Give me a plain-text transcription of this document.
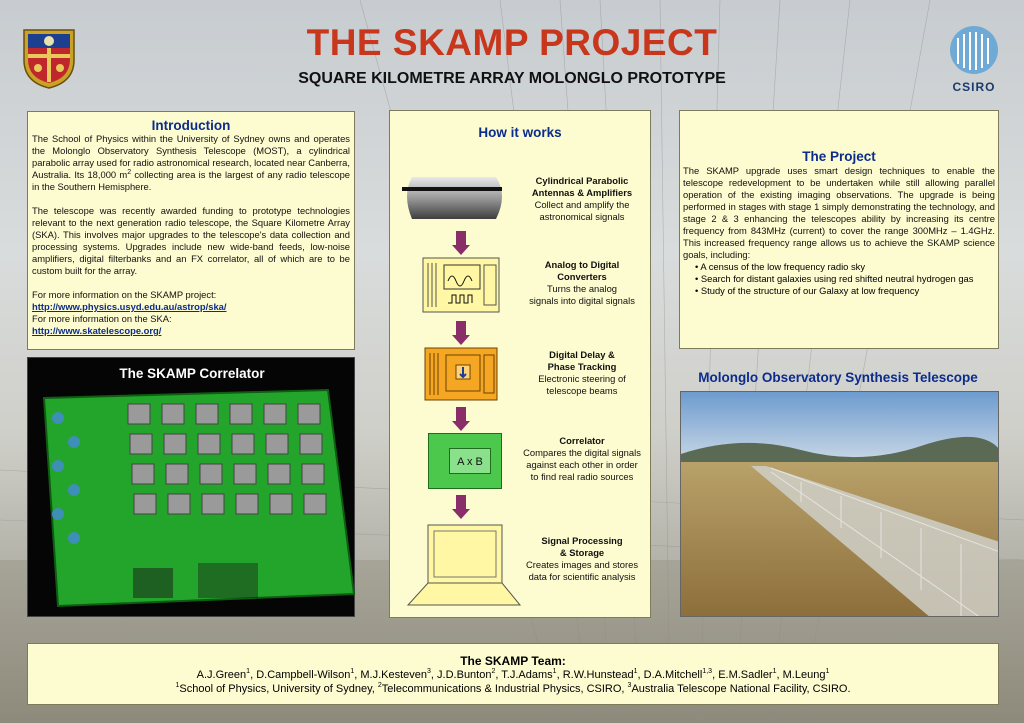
THE SKAMP PROJECT
SQUARE KILOMETRE ARRAY MOLONGLO PROTOTYPE	CSIRO
Introduction

The School of Physics within the University of Sydney owns and operates the Molonglo Observatory Synthesis Telescope (MOST), a cylindrical parabolic array used for radio astronomical research, located near Canberra, Australia. Its 18,000 $m^2$ collecting area is the largest of any radio telescope in the Southern Hemisphere.

The telescope was recently awarded funding to prototype technologies relevant to the next generation radio telescope, the Square Kilometre Array (SKA). This involves major upgrades to the telescope's data collection and processing systems. Upgrades include new wide-band feeds, low-noise amplifiers, digital filterbanks and an FX correlator, all of which are to be custom built for the array.

For more information on the SKAMP project:
http://www.physics.usyd.edu.au/astrop/ska/
For more information on the SKA:
http://www.skatelescope.org/
The SKAMP Correlator
How it works
Cylindrical Parabolic
Antennas & Amplifiers
Collect and amplify the
astronomical signals
Analog to Digital
Converters
Turns the analog
signals into digital signals
Digital Delay &
Phase Tracking
Electronic steering of
telescope beams
A x B
Correlator
Compares the digital signals
against each other in order
to find real radio sources
Signal Processing
& Storage
Creates images and stores
data for scientific analysis
The Project
The SKAMP upgrade uses smart design techniques to enable the telescope redevelopment to be undertaken while still allowing parallel operation of the existing imaging observations. The upgrade is being performed in stages with stage 1 simply demonstrating the technology, and stage 2 & 3 enhancing the telescopes ability by increasing its centre frequency from 843MHz (current) to cover the range 300MHz – 1.4GHz. This increased frequency range allows us to achieve the SKAMP science goals, including:
• A census of the low frequency radio sky
• Search for distant galaxies using red shifted neutral hydrogen gas
• Study of the structure of our Galaxy at low frequency
Molonglo Observatory Synthesis Telescope
The SKAMP Team:
A.J.Green$^1$, D.Campbell-Wilson$^1$, M.J.Kesteven$^3$, J.D.Bunton$^2$, T.J.Adams$^1$, R.W.Hunstead$^1$, D.A.Mitchell$^{1,3}$, E.M.Sadler$^1$, M.Leung$^1$
$^1$School of Physics, University of Sydney, $^2$Telecommunications & Industrial Physics, CSIRO, $^3$Australia Telescope National Facility, CSIRO.
